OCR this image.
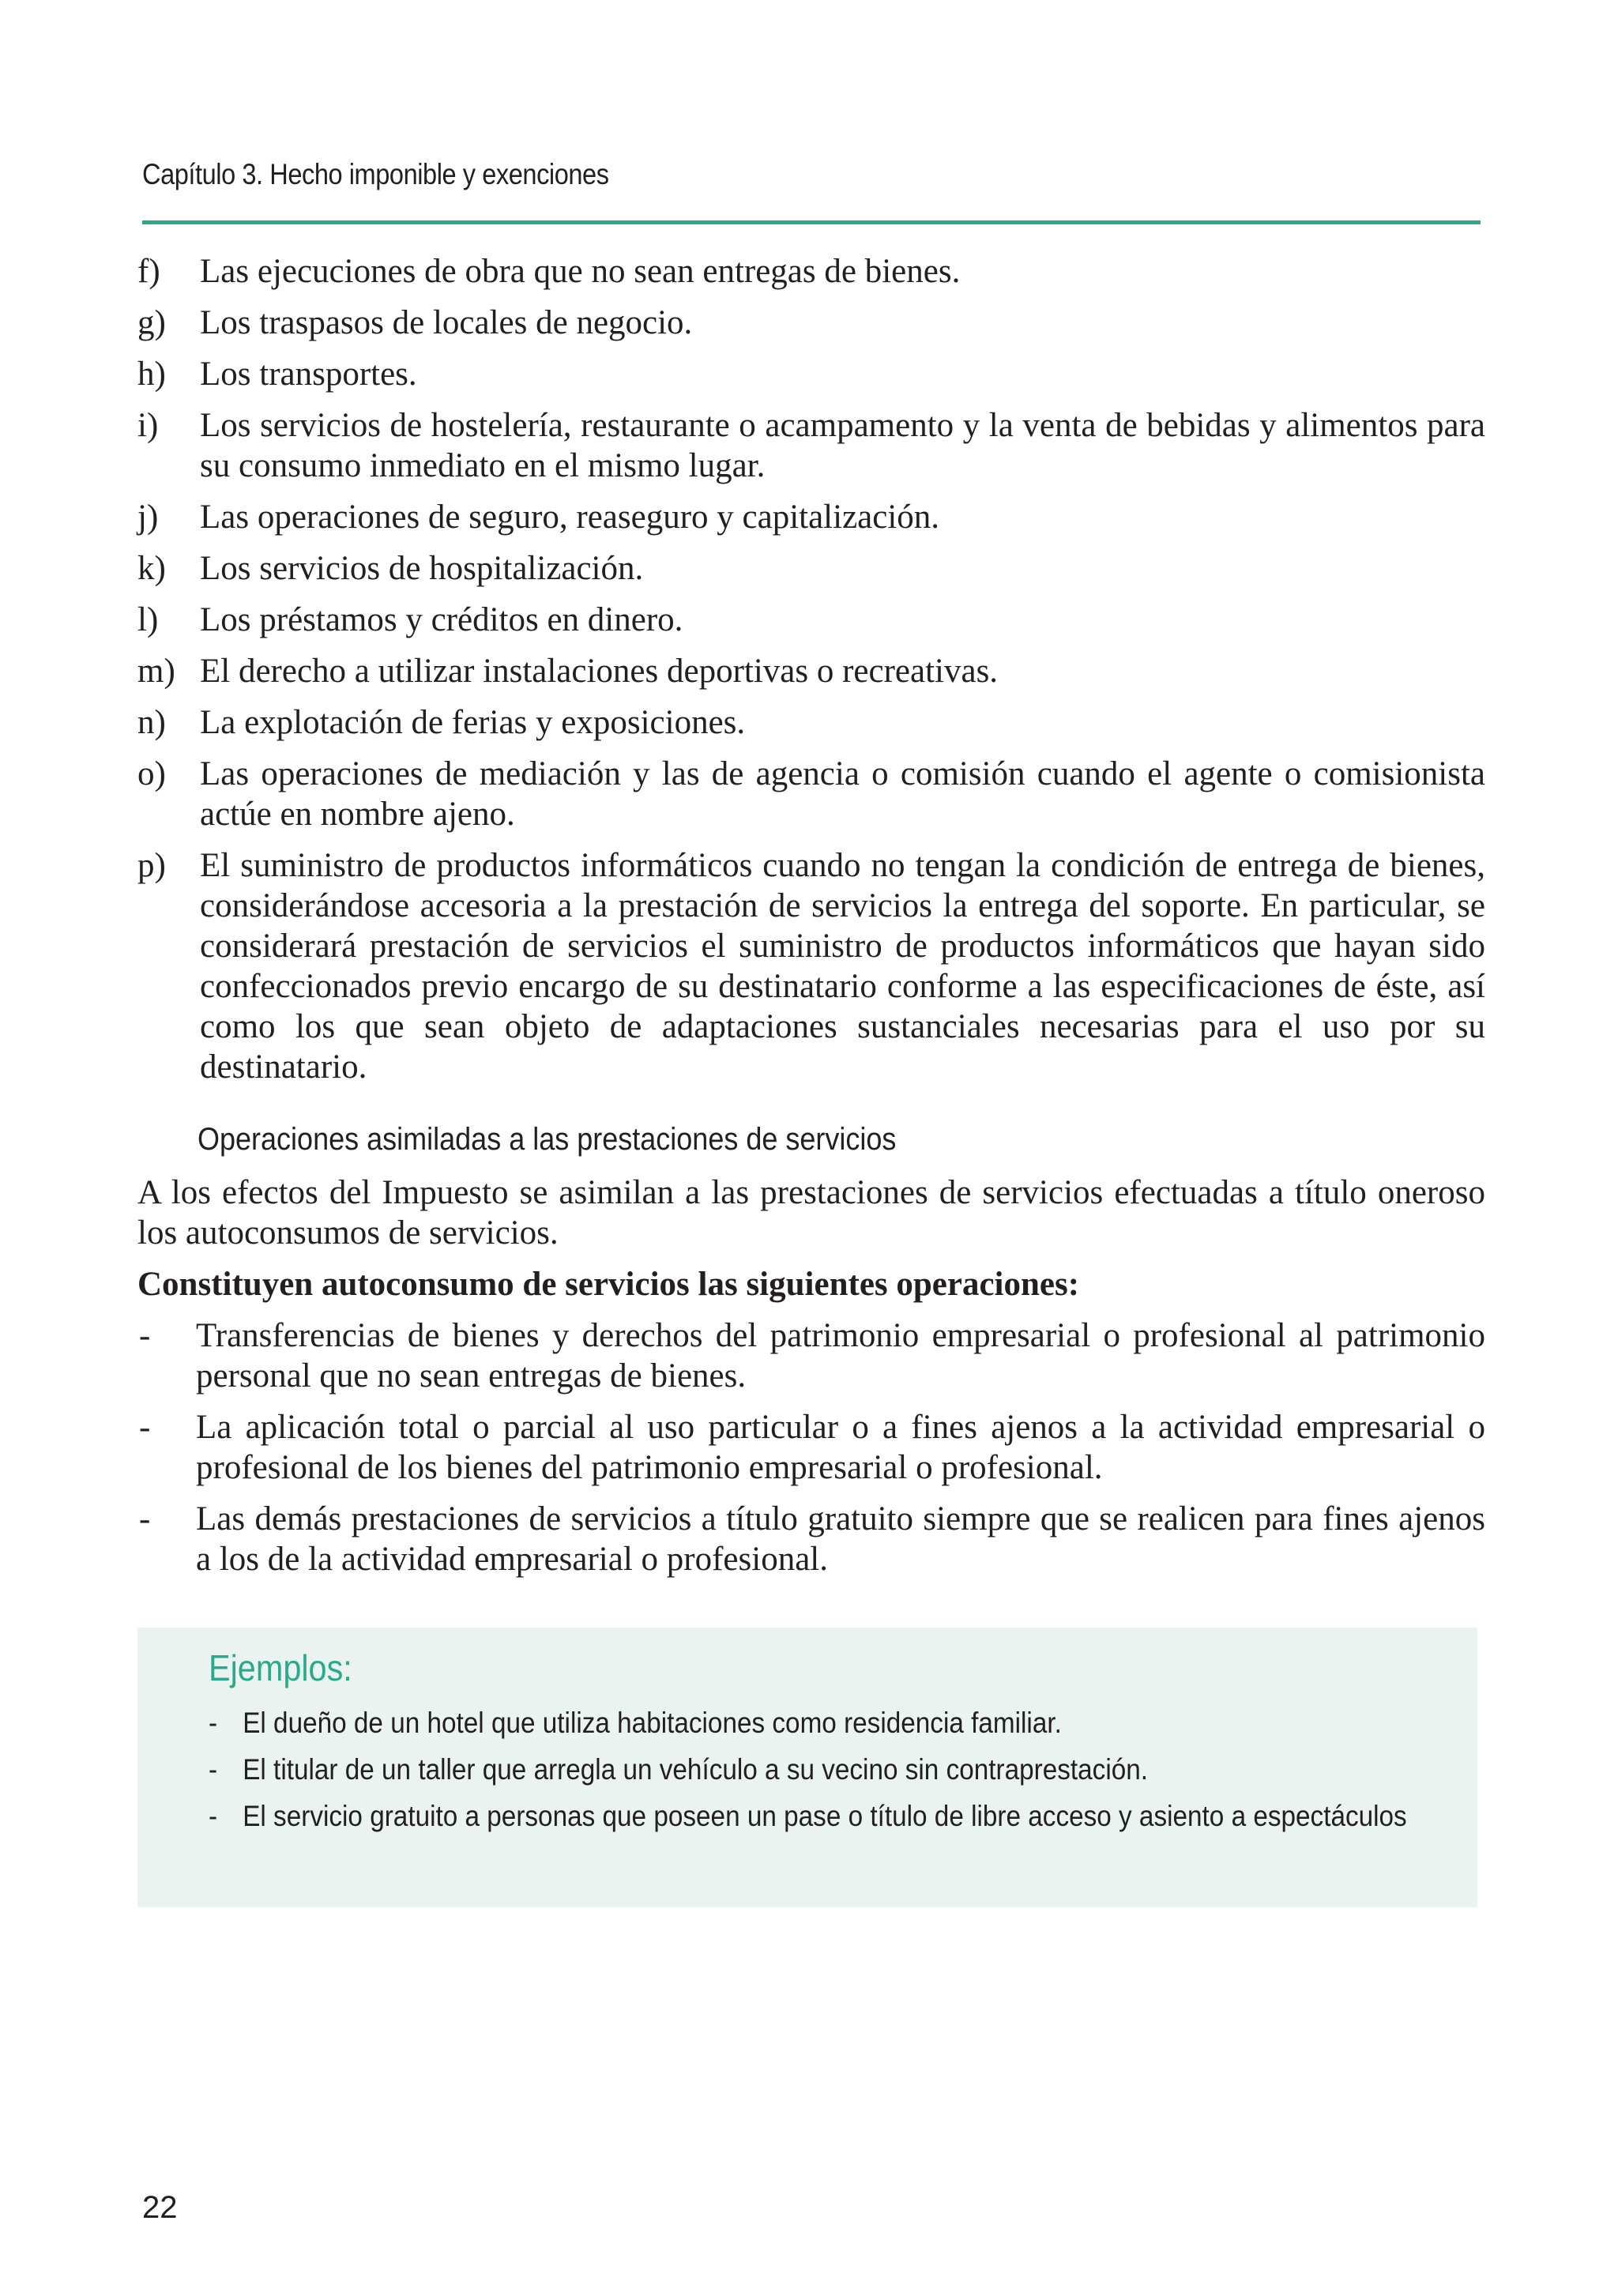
Capítulo 3. Hecho imponible y exenciones
f) Las ejecuciones de obra que no sean entregas de bienes.
g) Los traspasos de locales de negocio.
h) Los transportes.
i) Los servicios de hostelería, restaurante o acampamento y la venta de bebidas y alimentos para su consumo inmediato en el mismo lugar.
j) Las operaciones de seguro, reaseguro y capitalización.
k) Los servicios de hospitalización.
l) Los préstamos y créditos en dinero.
m) El derecho a utilizar instalaciones deportivas o recreativas.
n) La explotación de ferias y exposiciones.
o) Las operaciones de mediación y las de agencia o comisión cuando el agente o comisionista actúe en nombre ajeno.
p) El suministro de productos informáticos cuando no tengan la condición de entrega de bienes, considerándose accesoria a la prestación de servicios la entrega del soporte. En particular, se considerará prestación de servicios el suministro de productos informáticos que hayan sido confeccionados previo encargo de su destinatario conforme a las especificaciones de éste, así como los que sean objeto de adaptaciones sustanciales necesarias para el uso por su destinatario.
Operaciones asimiladas a las prestaciones de servicios
A los efectos del Impuesto se asimilan a las prestaciones de servicios efectuadas a título oneroso los autoconsumos de servicios.
Constituyen autoconsumo de servicios las siguientes operaciones:
- Transferencias de bienes y derechos del patrimonio empresarial o profesional al patrimonio personal que no sean entregas de bienes.
- La aplicación total o parcial al uso particular o a fines ajenos a la actividad empresarial o profesional de los bienes del patrimonio empresarial o profesional.
- Las demás prestaciones de servicios a título gratuito siempre que se realicen para fines ajenos a los de la actividad empresarial o profesional.
Ejemplos:
- El dueño de un hotel que utiliza habitaciones como residencia familiar.
- El titular de un taller que arregla un vehículo a su vecino sin contraprestación.
- El servicio gratuito a personas que poseen un pase o título de libre acceso y asiento a espectáculos
22
